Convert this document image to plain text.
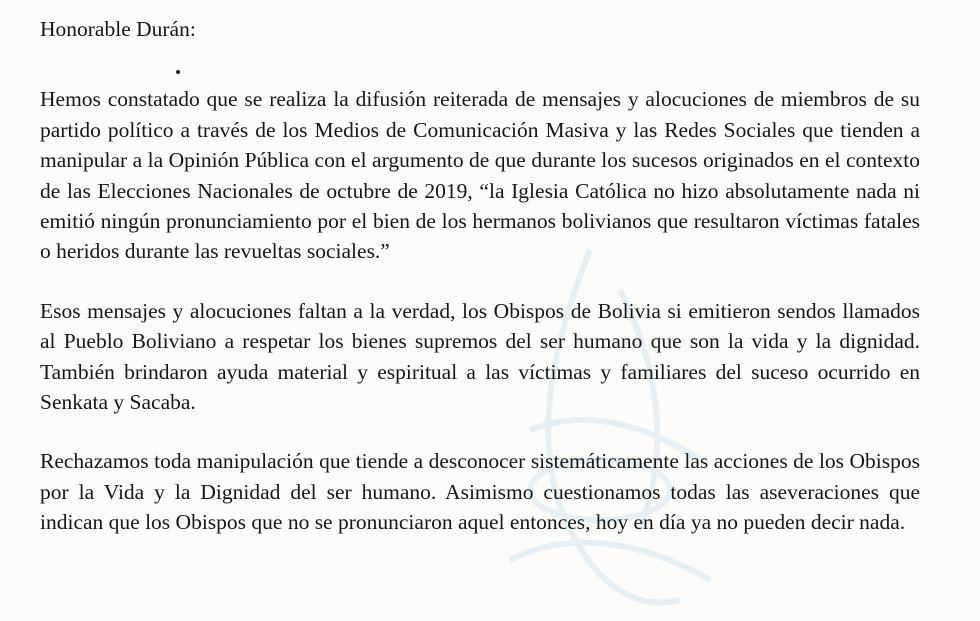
Honorable Durán:

Hemos constatado que se realiza la difusión reiterada de mensajes y alocuciones de miembros de su partido político a través de los Medios de Comunicación Masiva y las Redes Sociales que tienden a manipular a la Opinión Pública con el argumento de que durante los sucesos originados en el contexto de las Elecciones Nacionales de octubre de 2019, “la Iglesia Católica no hizo absolutamente nada ni emitió ningún pronunciamiento por el bien de los hermanos bolivianos que resultaron víctimas fatales o heridos durante las revueltas sociales.”

Esos mensajes y alocuciones faltan a la verdad, los Obispos de Bolivia si emitieron sendos llamados al Pueblo Boliviano a respetar los bienes supremos del ser humano que son la vida y la dignidad. También brindaron ayuda material y espiritual a las víctimas y familiares del suceso ocurrido en Senkata y Sacaba.

Rechazamos toda manipulación que tiende a desconocer sistemáticamente las acciones de los Obispos por la Vida y la Dignidad del ser humano. Asimismo cuestionamos todas las aseveraciones que indican que los Obispos que no se pronunciaron aquel entonces, hoy en día ya no pueden decir nada.
